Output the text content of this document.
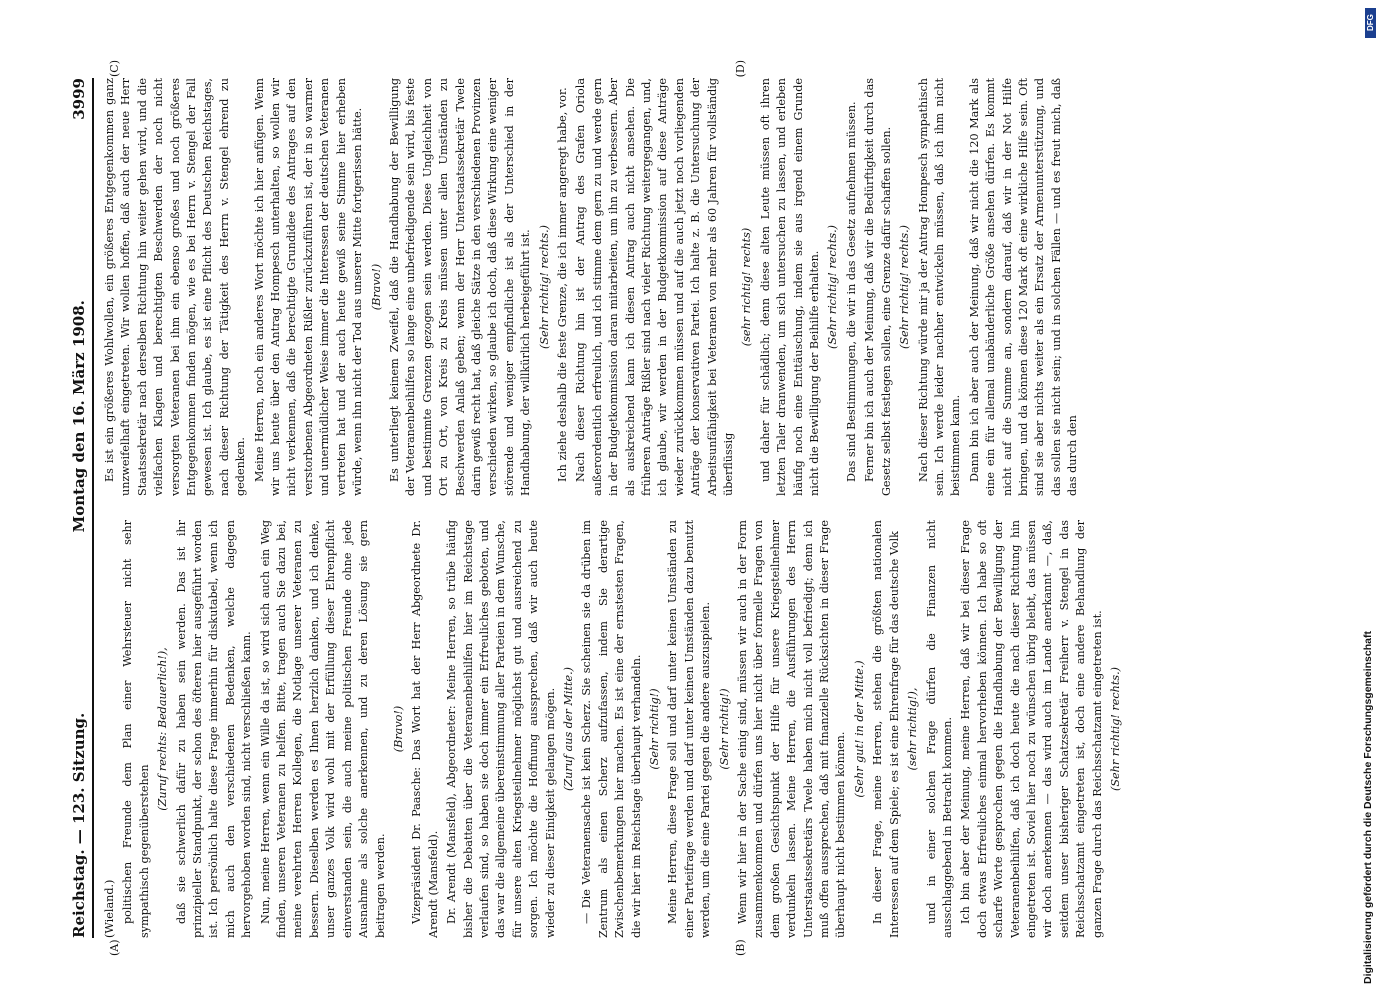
Reichstag. — 123. Sitzung.
Montag den 16. März 1908.
3999

(Wieland.) politischen Freunde dem Plan einer Wehrsteuer nicht sehr sympathisch gegenüberstehen

(Zuruf rechts: Bedauerlich!), daß sie schwerlich dafür zu haben sein werden. Das ist ihr prinzipieller Standpunkt, der schon des öfteren hier ausgeführt worden ist. Ich persönlich halte diese Frage immerhin für diskutabel, wenn ich mich auch den verschiedenen Bedenken, welche dagegen hervorgehoben worden sind, nicht verschließen kann. Nun, meine Herren, wenn ein Wille da ist, so wird sich auch ein Weg finden, unseren Veteranen zu helfen. Bitte, tragen auch Sie dazu bei, meine verehrten Herren Kollegen, die Notlage unserer Veteranen zu bessern. Dieselben werden es Ihnen herzlich danken, und ich denke, unser ganzes Volk wird wohl mit der Erfüllung dieser Ehrenpflicht einverstanden sein, die auch meine politischen Freunde ohne jede Ausnahme als solche anerkennen, und zu deren Lösung sie gern beitragen werden.

(Bravo!) Vizepräsident Dr. Paasche: Das Wort hat der Herr Abgeordnete Dr. Arendt (Mansfeld). Dr. Arendt (Mansfeld), Abgeordneter: Meine Herren, so trübe häufig bisher die Debatten über die Veteranenbeihilfen hier im Reichstage verlaufen sind, so haben sie doch immer ein Erfreuliches geboten, und das war die allgemeine übereinstimmung aller Parteien in dem Wunsche, für unsere alten Kriegsteilnehmer möglichst gut und ausreichend zu sorgen. Ich möchte die Hoffnung aussprechen, daß wir auch heute wieder zu dieser Einigkeit gelangen mögen. (Zuruf aus der Mitte.) — Die Veteranensache ist kein Scherz. Sie scheinen sie da drüben im Zentrum als einen Scherz aufzufassen, indem Sie derartige Zwischenbemerkungen hier machen. Es ist eine der ernstesten Fragen, die wir hier im Reichstage überhaupt verhandeln. (Sehr richtig!) Meine Herren, diese Frage soll und darf unter keinen Umständen zu einer Parteifrage werden und darf unter keinen Umständen dazu benutzt werden, um die eine Partei gegen die andere auszuspielen. (Sehr richtig!) Wenn wir hier in der Sache einig sind, müssen wir auch in der Form zusammenkommen und dürfen uns hier nicht über formelle Fragen von dem großen Gesichtspunkt der Hilfe für unsere Kriegsteilnehmer verdunkeln lassen. Meine Herren, die Ausführungen des Herrn Unterstaatssekretärs Twele haben mich nicht voll befriedigt; denn ich muß offen aussprechen, daß mit finanzielle Rücksichten in dieser Frage überhaupt nicht bestimmen können.

(Sehr gut! in der Mitte.) In dieser Frage, meine Herren, stehen die größten nationalen Interessen auf dem Spiele; es ist eine Ehrenfrage für das deutsche Volk (sehr richtig!), und in einer solchen Frage dürfen die Finanzen nicht ausschlaggebend in Betracht kommen. Ich bin aber der Meinung, meine Herren, daß wir bei dieser Frage doch etwas Erfreuliches einmal hervorheben können. Ich habe so oft scharfe Worte gesprochen gegen die Handhabung der Bewilligung der Veteranenbeihilfen, daß ich doch heute die nach dieser Richtung hin eingetreten ist. Soviel hier noch zu wünschen übrig bleibt, das müssen wir doch anerkennen — das wird auch im Lande anerkannt —, daß, seitdem unser bisheriger Schatzsekretär Freiherr v. Stengel in das Reichsschatzamt eingetreten ist, doch eine andere Behandlung der ganzen Frage durch das Reichsschatzamt eingetreten ist. (Sehr richtig! rechts.)

Es ist ein größeres Wohlwollen, ein größeres Entgegenkommen ganz unzweifelhaft eingetreten. Wir wollen hoffen, daß auch der neue Herr Staatssekretär nach derselben Richtung hin weiter gehen wird, und die vielfachen Klagen und berechtigten Beschwerden der noch nicht versorgten Veteranen bei ihm ein ebenso großes und noch größeres Entgegenkommen finden mögen, wie es bei Herrn v. Stengel der Fall gewesen ist. Ich glaube, es ist eine Pflicht des Deutschen Reichstages, nach dieser Richtung der Tätigkeit des Herrn v. Stengel ehrend zu gedenken. Meine Herren, noch ein anderes Wort möchte ich hier anfügen. Wenn wir uns heute über den Antrag Hompesch unterhalten, so wollen wir nicht verkennen, daß die berechtigte Grundidee des Antrages auf den verstorbenen Abgeordneten Rißler zurückzuführen ist, der in so warmer und unermüdlicher Weise immer die Interessen der deutschen Veteranen vertreten hat und der auch heute gewiß seine Stimme hier erheben würde, wenn ihn nicht der Tod aus unserer Mitte fortgerissen hätte. (Bravo!) Es unterliegt keinem Zweifel, daß die Handhabung der Bewilligung der Veteranenbeihilfen so lange eine unbefriedigende sein wird, bis feste und bestimmte Grenzen gezogen sein werden. Diese Ungleichheit von Ort zu Ort, von Kreis zu Kreis müssen unter allen Umständen zu Beschwerden Anlaß geben; wenn der Herr Unterstaatssekretär Twele darin gewiß recht hat, daß gleiche Sätze in den verschiedenen Provinzen verschieden wirken, so glaube ich doch, daß diese Wirkung eine weniger störende und weniger empfindliche ist als der Unterschied in der Handhabung, der willkürlich herbeigeführt ist. (Sehr richtig! rechts.) Ich ziehe deshalb die feste Grenze, die ich immer angeregt habe, vor. Nach dieser Richtung hin ist der Antrag des Grafen Oriola außerordentlich erfreulich, und ich stimme dem gern zu und werde gern in der Budgetkommission daran mitarbeiten, um ihn zu verbessern. Aber als auskreichend kann ich diesen Antrag auch nicht ansehen. Die früheren Anträge Rißler sind nach vieler Richtung weitergegangen, und, ich glaube, wir werden in der Budgetkommission auf diese Anträge wieder zurückkommen müssen und auf die auch jetzt noch vorliegenden Anträge der konservativen Partei. Ich halte z. B. die Untersuchung der Arbeitsunfähigkeit bei Veteranen von mehr als 60 Jahren für vollständig überflüssig

(sehr richtig! rechts) und daher für schädlich; denn diese alten Leute müssen oft ihren letzten Taler dranwenden, um sich untersuchen zu lassen, und erleben häufig noch eine Enttäuschung, indem sie aus irgend einem Grunde nicht die Bewilligung der Beihilfe erhalten. (Sehr richtig! rechts.) Das sind Bestimmungen, die wir in das Gesetz aufnehmen müssen. Ferner bin ich auch der Meinung, daß wir die Bedürftigkeit durch das Gesetz selbst festlegen sollen, eine Grenze dafür schaffen sollen. (Sehr richtig! rechts.) Nach dieser Richtung würde mir ja der Antrag Hompesch sympathisch sein. Ich werde leider nachher entwickeln müssen, daß ich ihm nicht beistimmen kann. Dann bin ich aber auch der Meinung, daß wir nicht die 120 Mark als eine ein für allemal unabänderliche Größe ansehen dürfen. Es kommt nicht auf die Summe an, sondern darauf, daß wir in der Not Hilfe bringen, und da können diese 120 Mark oft eine wirkliche Hilfe sein. Oft sind sie aber nichts weiter als ein Ersatz der Armenunterstützung, und das sollen sie nicht sein; und in solchen Fällen — und es freut mich, daß das durch den

(A)	(B)
(C)	(D)
DFG
Digitalisierung gefördert durch die Deutsche Forschungsgemeinschaft
